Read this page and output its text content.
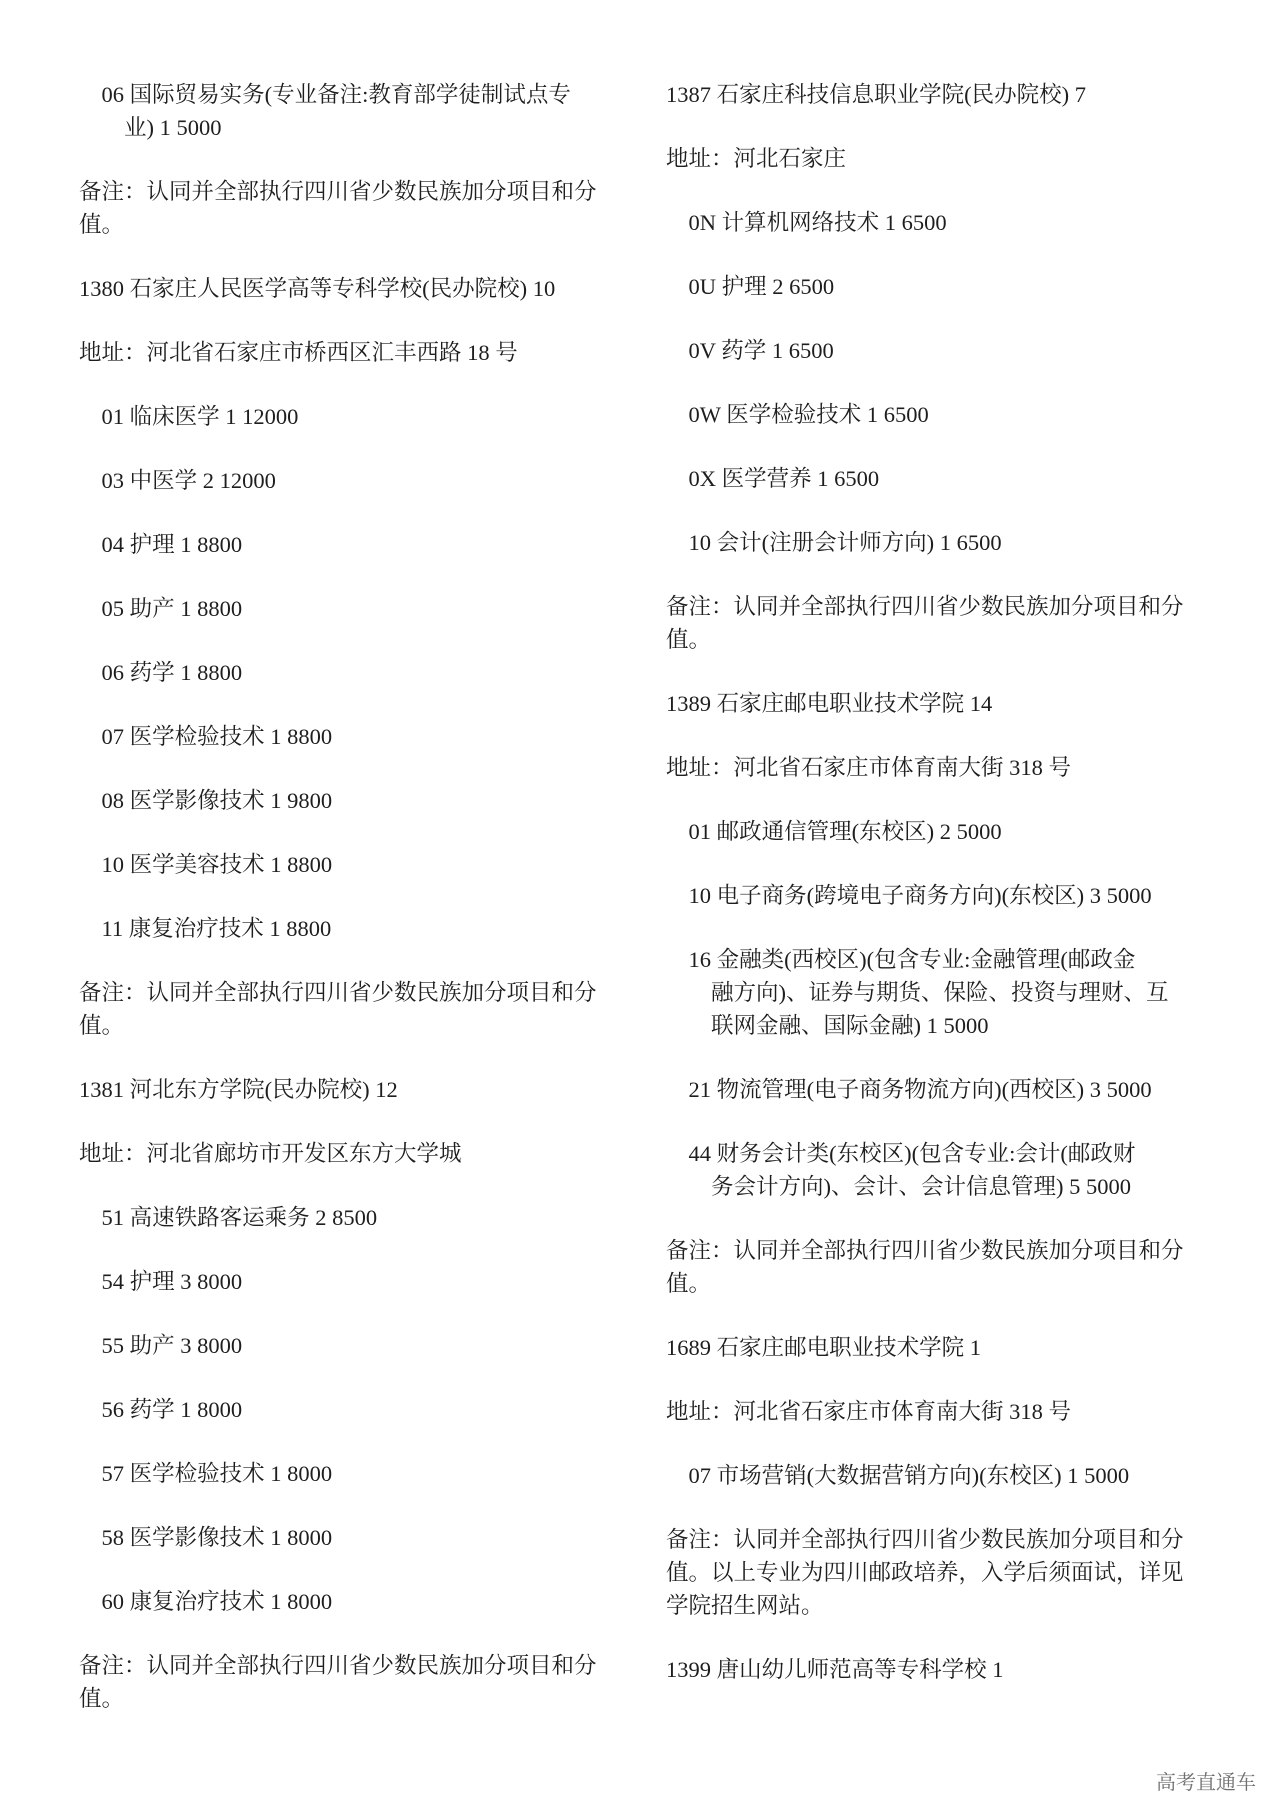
06 国际贸易实务(专业备注:教育部学徒制试点专
业) 1 5000
备注：认同并全部执行四川省少数民族加分项目和分
值。
1380 石家庄人民医学高等专科学校(民办院校) 10
地址：河北省石家庄市桥西区汇丰西路 18 号
01 临床医学 1 12000
03 中医学 2 12000
04 护理 1 8800
05 助产 1 8800
06 药学 1 8800
07 医学检验技术 1 8800
08 医学影像技术 1 9800
10 医学美容技术 1 8800
11 康复治疗技术 1 8800
备注：认同并全部执行四川省少数民族加分项目和分
值。
1381 河北东方学院(民办院校) 12
地址：河北省廊坊市开发区东方大学城
51 高速铁路客运乘务 2 8500
54 护理 3 8000
55 助产 3 8000
56 药学 1 8000
57 医学检验技术 1 8000
58 医学影像技术 1 8000
60 康复治疗技术 1 8000
备注：认同并全部执行四川省少数民族加分项目和分
值。
1387 石家庄科技信息职业学院(民办院校) 7
地址：河北石家庄
0N 计算机网络技术 1 6500
0U 护理 2 6500
0V 药学 1 6500
0W 医学检验技术 1 6500
0X 医学营养 1 6500
10 会计(注册会计师方向) 1 6500
备注：认同并全部执行四川省少数民族加分项目和分
值。
1389 石家庄邮电职业技术学院 14
地址：河北省石家庄市体育南大街 318 号
01 邮政通信管理(东校区) 2 5000
10 电子商务(跨境电子商务方向)(东校区) 3 5000
16 金融类(西校区)(包含专业:金融管理(邮政金
融方向)、证券与期货、保险、投资与理财、互
联网金融、国际金融) 1 5000
21 物流管理(电子商务物流方向)(西校区) 3 5000
44 财务会计类(东校区)(包含专业:会计(邮政财
务会计方向)、会计、会计信息管理) 5 5000
备注：认同并全部执行四川省少数民族加分项目和分
值。
1689 石家庄邮电职业技术学院 1
地址：河北省石家庄市体育南大街 318 号
07 市场营销(大数据营销方向)(东校区) 1 5000
备注：认同并全部执行四川省少数民族加分项目和分
值。以上专业为四川邮政培养，入学后须面试，详见
学院招生网站。
1399 唐山幼儿师范高等专科学校 1
高考直通车
